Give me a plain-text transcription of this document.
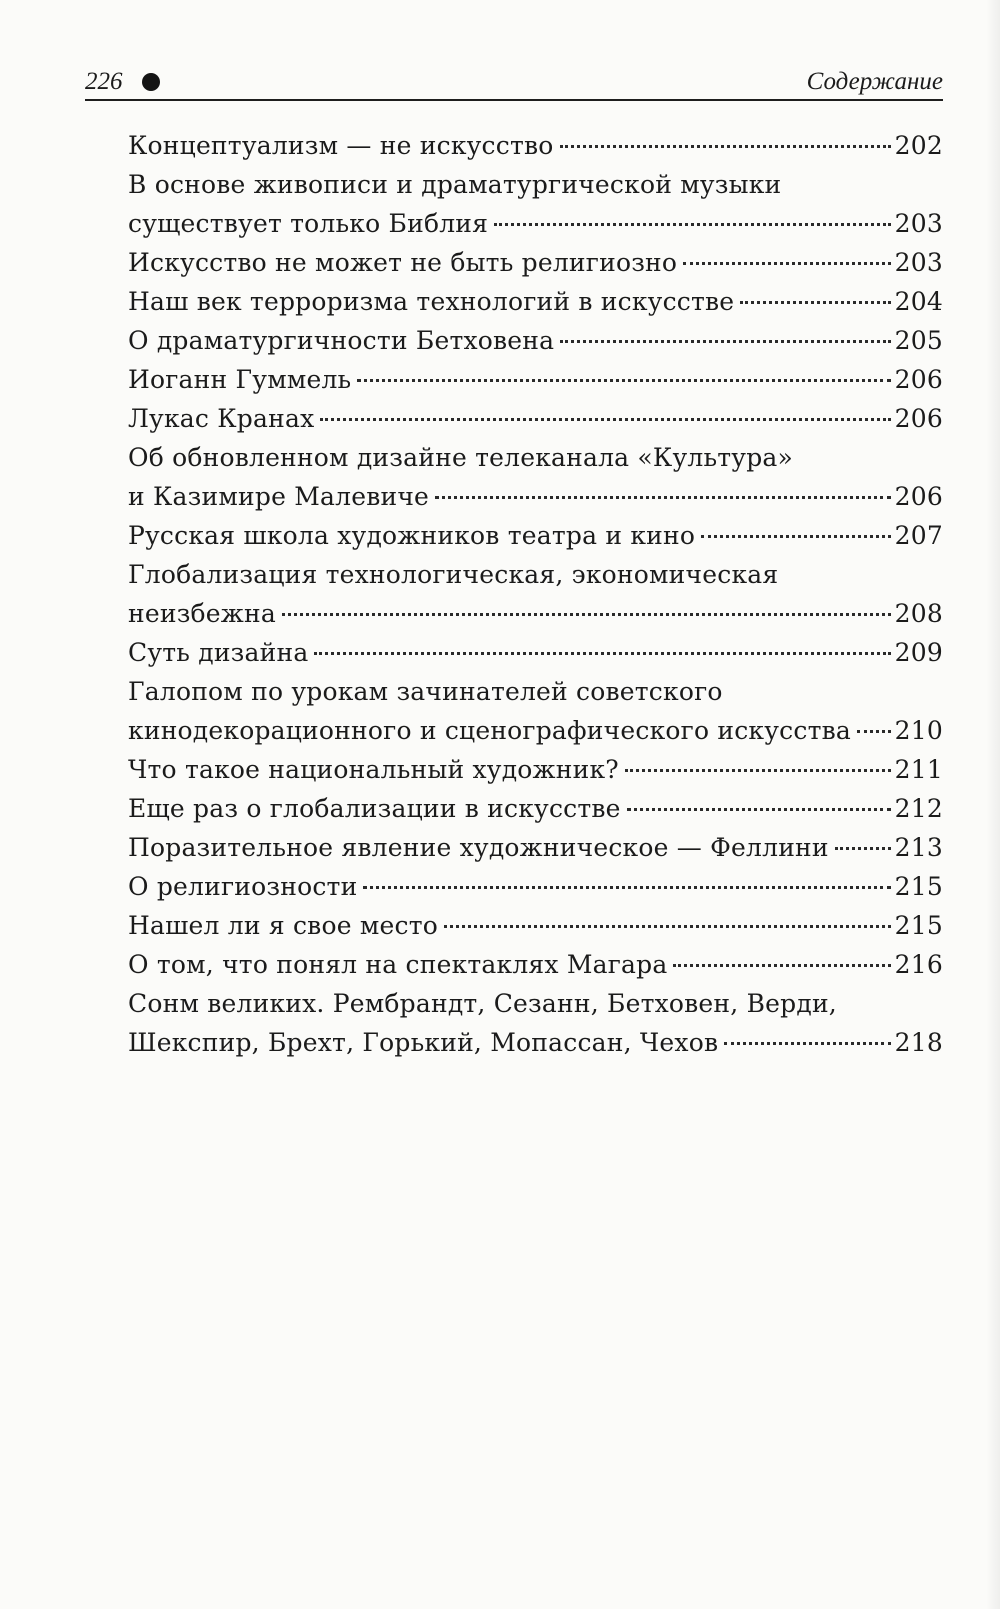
226	Содержание
Концептуализм — не искусство	202
В основе живописи и драматургической музыки
существует только Библия	203
Искусство не может не быть религиозно	203
Наш век терроризма технологий в искусстве	204
О драматургичности Бетховена	205
Иоганн Гуммель	206
Лукас Кранах	206
Об обновленном дизайне телеканала «Культура»
и Казимире Малевиче	206
Русская школа художников театра и кино	207
Глобализация технологическая, экономическая
неизбежна	208
Суть дизайна	209
Галопом по урокам зачинателей советского
кинодекорационного и сценографического искусства 210
Что такое национальный художник?	211
Еще раз о глобализации в искусстве	212
Поразительное явление художническое — Феллини	213
О религиозности	215
Нашел ли я свое место	215
О том, что понял на спектаклях Магара	216
Сонм великих. Рембрандт, Сезанн, Бетховен, Верди,
Шекспир, Брехт, Горький, Мопассан, Чехов	218
